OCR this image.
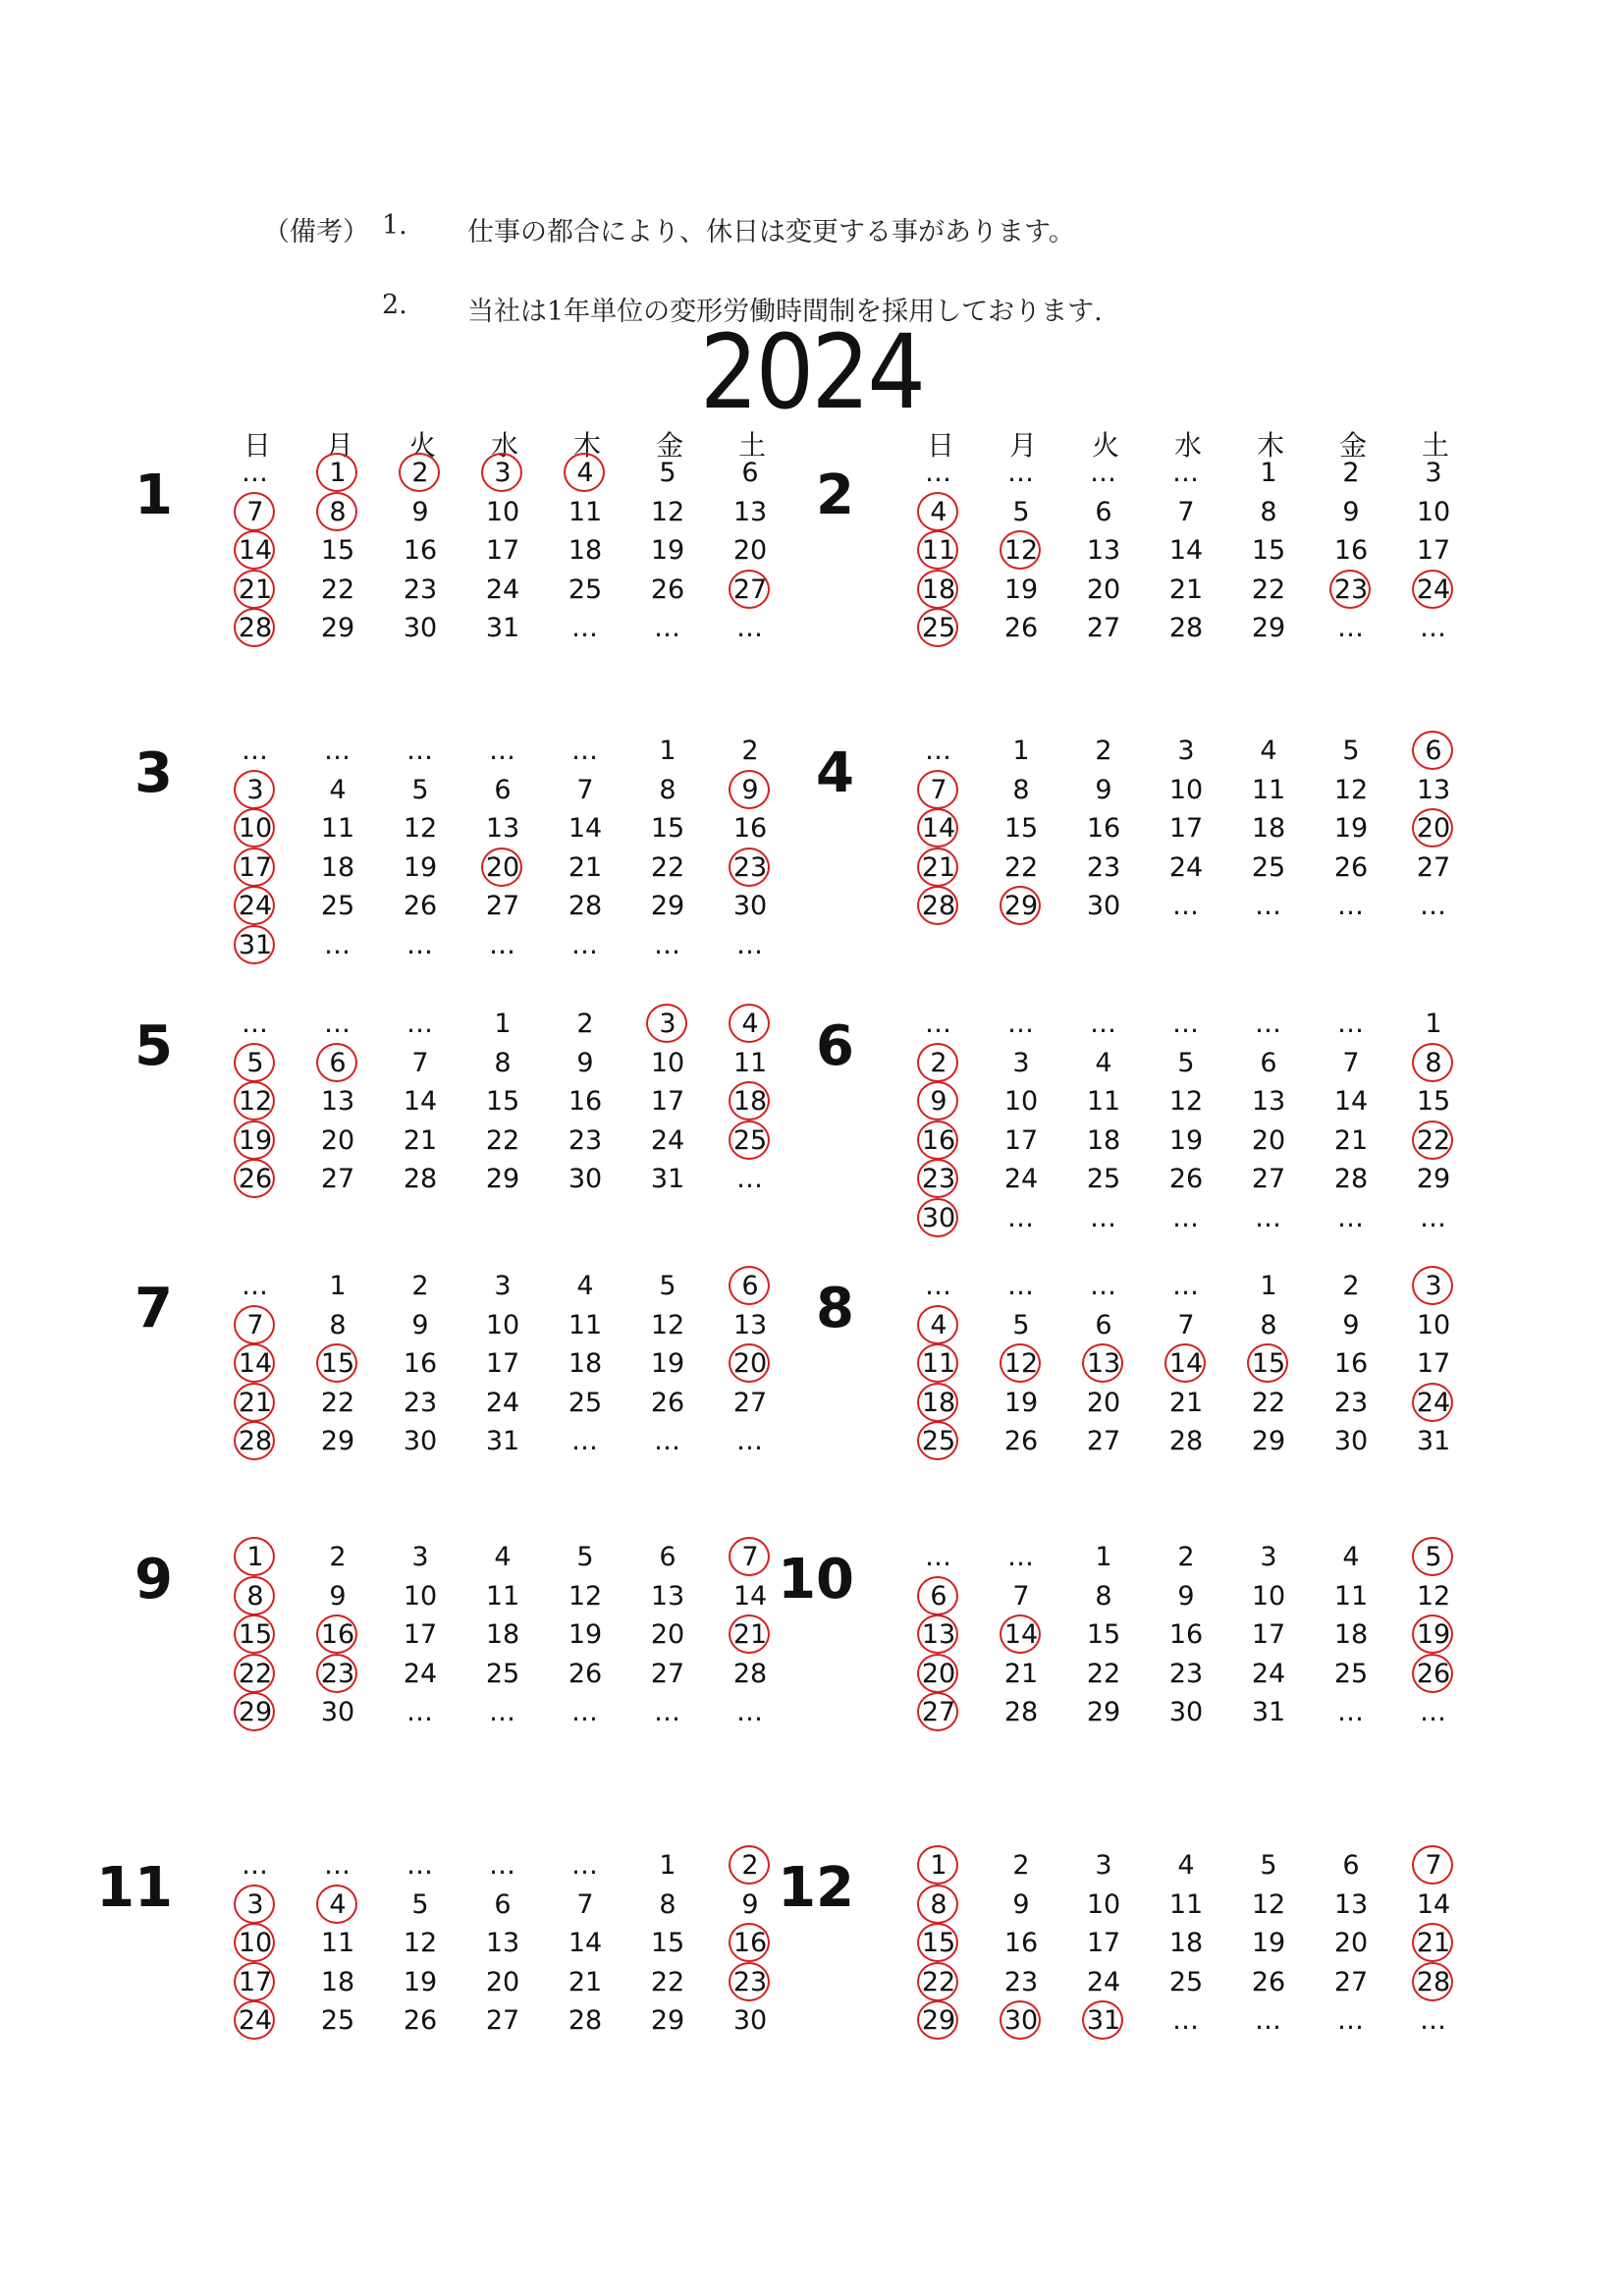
（備考） 1. 仕事の都合により、休日は変更する事があります。
2. 当社は1年単位の変形労働時間制を採用しております.
2024
日	月	火	水	木	金	土
1	…	1	2	3	4	5	6
7	8	9	10	11	12	13
14	15	16	17	18	19	20
21	22	23	24	25	26	27
28	29	30	31	…	…	…
日	月	火	水	木	金	土
2	…	…	…	…	1	2	3
4	5	6	7	8	9	10
11	12	13	14	15	16	17
18	19	20	21	22	23	24
25	26	27	28	29	…	…
3	…	…	…	…	…	1	2
3	4	5	6	7	8	9
10	11	12	13	14	15	16
17	18	19	20	21	22	23
24	25	26	27	28	29	30
31	…	…	…	…	…	…
4	…	1	2	3	4	5	6
7	8	9	10	11	12	13
14	15	16	17	18	19	20
21	22	23	24	25	26	27
28	29	30	…	…	…	…
5	…	…	…	1	2	3	4
5	6	7	8	9	10	11
12	13	14	15	16	17	18
19	20	21	22	23	24	25
26	27	28	29	30	31	…
6	…	…	…	…	…	…	1
2	3	4	5	6	7	8
9	10	11	12	13	14	15
16	17	18	19	20	21	22
23	24	25	26	27	28	29
30	…	…	…	…	…	…
7	…	1	2	3	4	5	6
7	8	9	10	11	12	13
14	15	16	17	18	19	20
21	22	23	24	25	26	27
28	29	30	31	…	…	…
8	…	…	…	…	1	2	3
4	5	6	7	8	9	10
11	12	13	14	15	16	17
18	19	20	21	22	23	24
25	26	27	28	29	30	31
9	1	2	3	4	5	6	7
8	9	10	11	12	13	14
15	16	17	18	19	20	21
22	23	24	25	26	27	28
29	30	…	…	…	…	…
10	…	…	1	2	3	4	5
6	7	8	9	10	11	12
13	14	15	16	17	18	19
20	21	22	23	24	25	26
27	28	29	30	31	…	…
11	…	…	…	…	…	1	2
3	4	5	6	7	8	9
10	11	12	13	14	15	16
17	18	19	20	21	22	23
24	25	26	27	28	29	30
12	1	2	3	4	5	6	7
8	9	10	11	12	13	14
15	16	17	18	19	20	21
22	23	24	25	26	27	28
29	30	31	…	…	…	…
